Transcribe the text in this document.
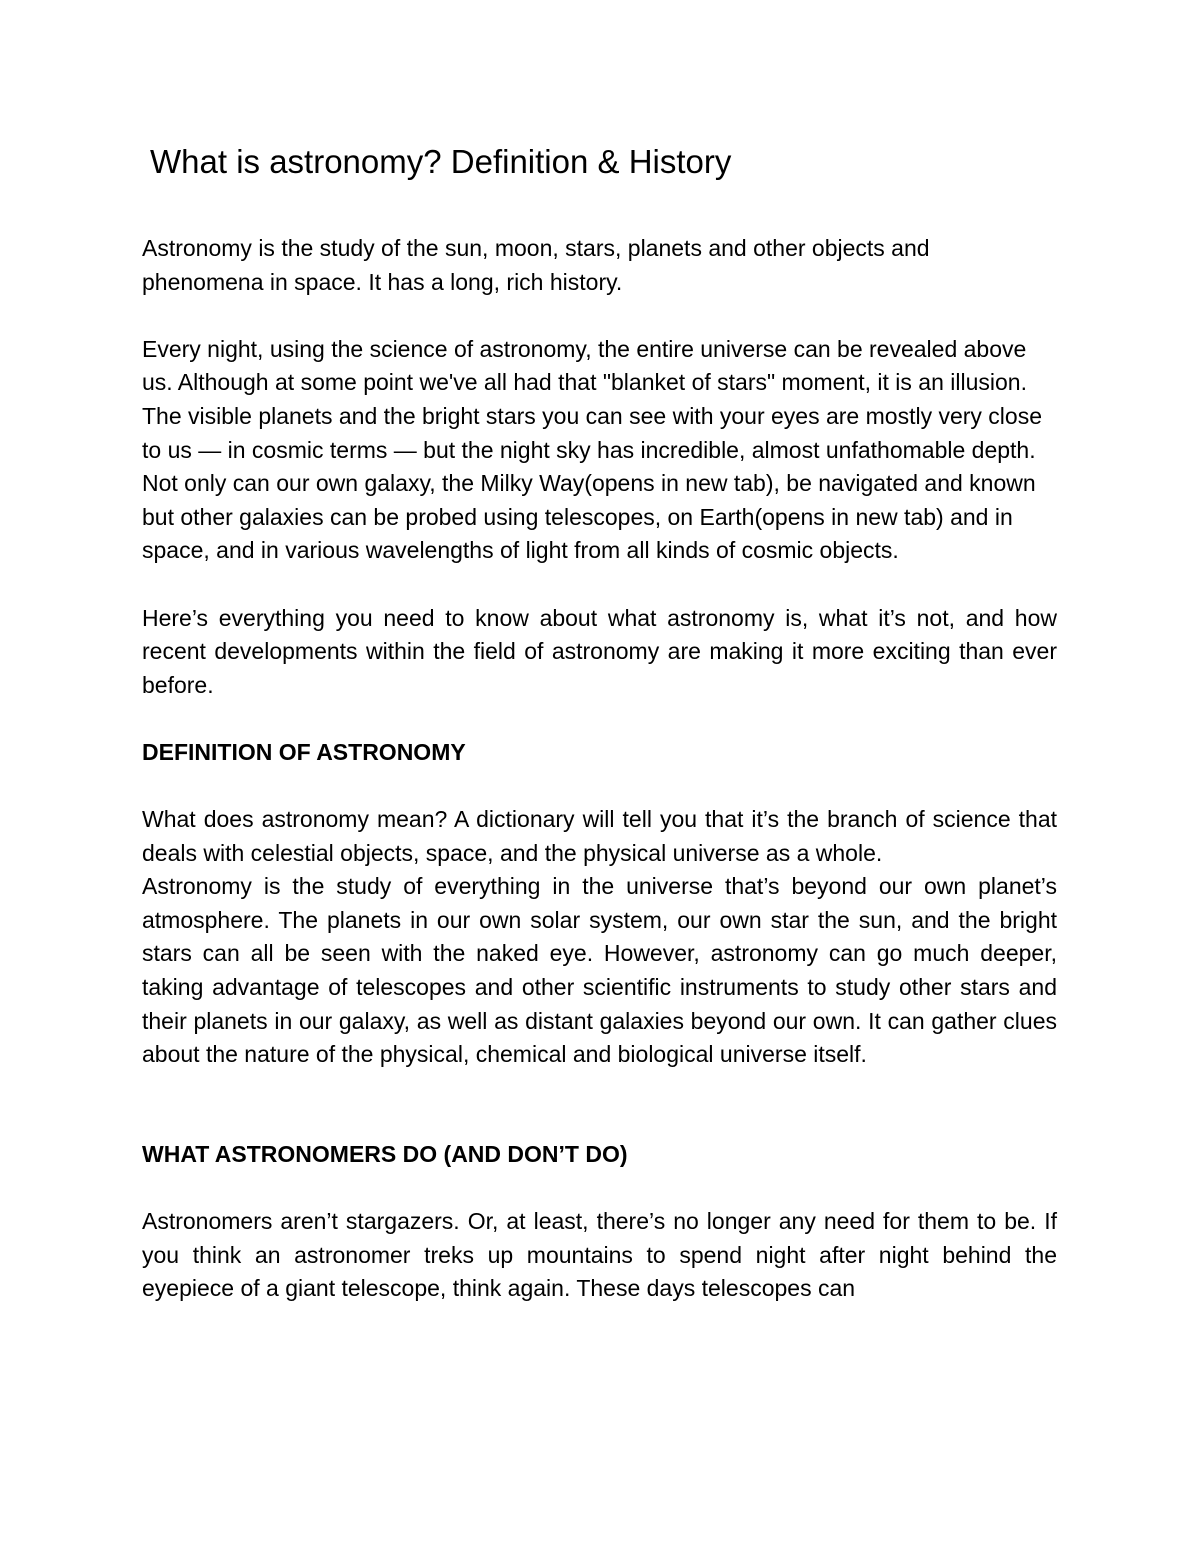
What is astronomy? Definition & History

Astronomy is the study of the sun, moon, stars, planets and other objects and phenomena in space. It has a long, rich history.

Every night, using the science of astronomy, the entire universe can be revealed above us. Although at some point we've all had that "blanket of stars" moment, it is an illusion. The visible planets and the bright stars you can see with your eyes are mostly very close to us — in cosmic terms — but the night sky has incredible, almost unfathomable depth. Not only can our own galaxy, the Milky Way(opens in new tab), be navigated and known but other galaxies can be probed using telescopes, on Earth(opens in new tab) and in space, and in various wavelengths of light from all kinds of cosmic objects.

Here’s everything you need to know about what astronomy is, what it’s not, and how recent developments within the field of astronomy are making it more exciting than ever before.

DEFINITION OF ASTRONOMY

What does astronomy mean? A dictionary will tell you that it’s the branch of science that deals with celestial objects, space, and the physical universe as a whole.

Astronomy is the study of everything in the universe that’s beyond our own planet’s atmosphere. The planets in our own solar system, our own star the sun, and the bright stars can all be seen with the naked eye. However, astronomy can go much deeper, taking advantage of telescopes and other scientific instruments to study other stars and their planets in our galaxy, as well as distant galaxies beyond our own. It can gather clues about the nature of the physical, chemical and biological universe itself.

WHAT ASTRONOMERS DO (AND DON’T DO)

Astronomers aren’t stargazers. Or, at least, there’s no longer any need for them to be. If you think an astronomer treks up mountains to spend night after night behind the eyepiece of a giant telescope, think again. These days telescopes can
